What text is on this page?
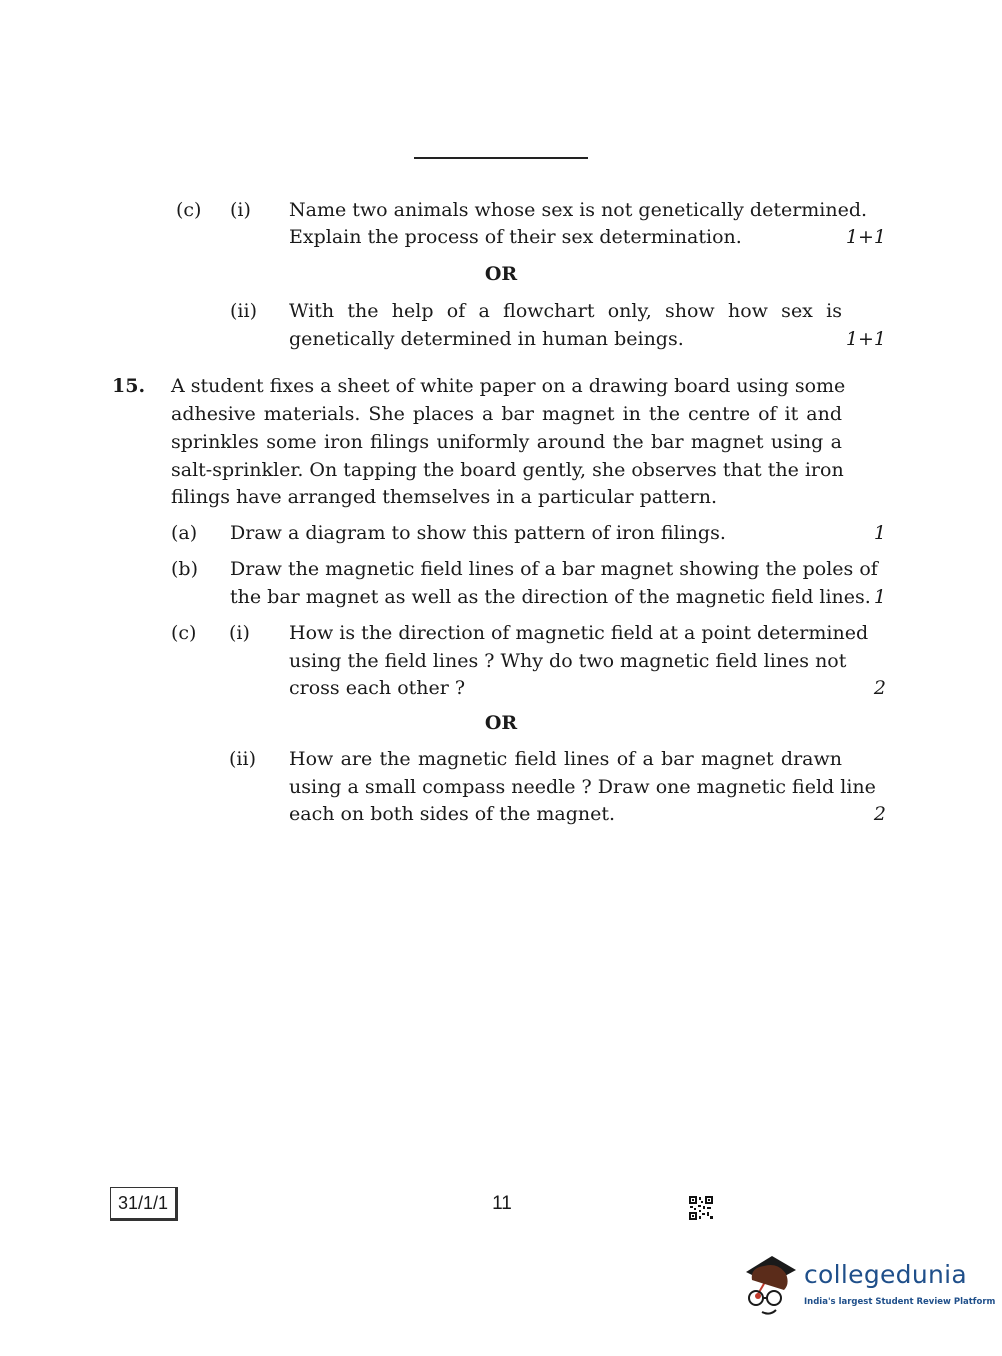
(c) (i) Name two animals whose sex is not genetically determined.
Explain the process of their sex determination.	1+1
OR
(ii) With the help of a flowchart only, show how sex is
genetically determined in human beings.	1+1
15. A student fixes a sheet of white paper on a drawing board using some
adhesive materials. She places a bar magnet in the centre of it and
sprinkles some iron filings uniformly around the bar magnet using a
salt-sprinkler. On tapping the board gently, she observes that the iron
filings have arranged themselves in a particular pattern.
(a) Draw a diagram to show this pattern of iron filings.	1
(b) Draw the magnetic field lines of a bar magnet showing the poles of
the bar magnet as well as the direction of the magnetic field lines. 1
(c) (i) How is the direction of magnetic field at a point determined
using the field lines ? Why do two magnetic field lines not
cross each other ?	2
OR
(ii) How are the magnetic field lines of a bar magnet drawn
using a small compass needle ? Draw one magnetic field line
each on both sides of the magnet.	2
31/1/1	11
collegedunia
India's largest Student Review Platform
